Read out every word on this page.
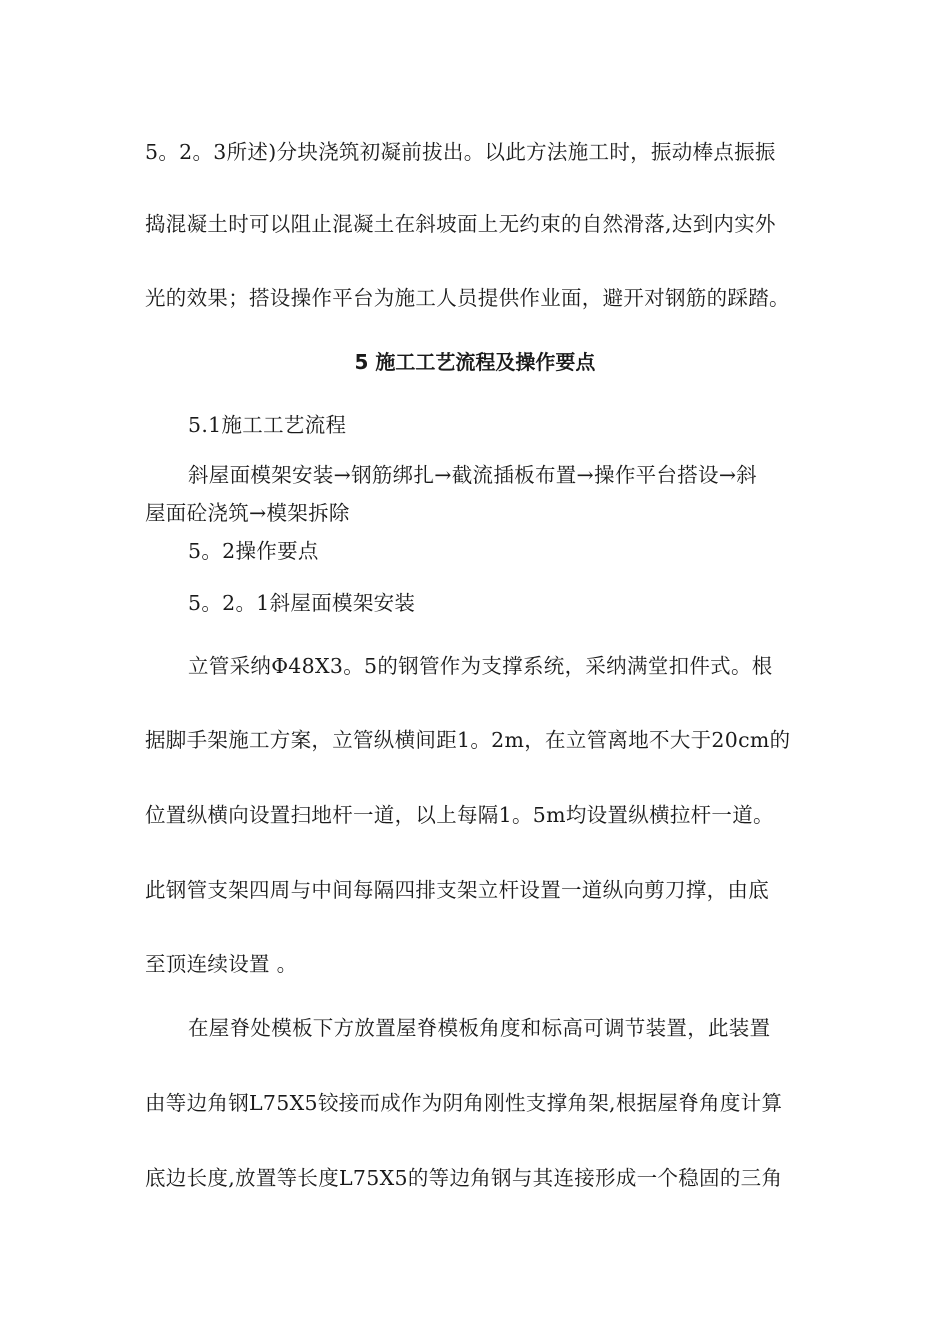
5。2。3所述)分块浇筑初凝前拔出。以此方法施工时，振动棒点振振
捣混凝土时可以阻止混凝土在斜坡面上无约束的自然滑落,达到内实外
光的效果；搭设操作平台为施工人员提供作业面，避开对钢筋的踩踏。
5 施工工艺流程及操作要点
5.1施工工艺流程
斜屋面模架安装→钢筋绑扎→截流插板布置→操作平台搭设→斜
屋面砼浇筑→模架拆除
5。2操作要点
5。2。1斜屋面模架安装
立管采纳Φ48X3。5的钢管作为支撑系统，采纳满堂扣件式。根
据脚手架施工方案，立管纵横间距1。2m，在立管离地不大于20cm的
位置纵横向设置扫地杆一道，以上每隔1。5m均设置纵横拉杆一道。
此钢管支架四周与中间每隔四排支架立杆设置一道纵向剪刀撑，由底
至顶连续设置 。
在屋脊处模板下方放置屋脊模板角度和标高可调节装置，此装置
由等边角钢L75X5铰接而成作为阴角刚性支撑角架,根据屋脊角度计算
底边长度,放置等长度L75X5的等边角钢与其连接形成一个稳固的三角
